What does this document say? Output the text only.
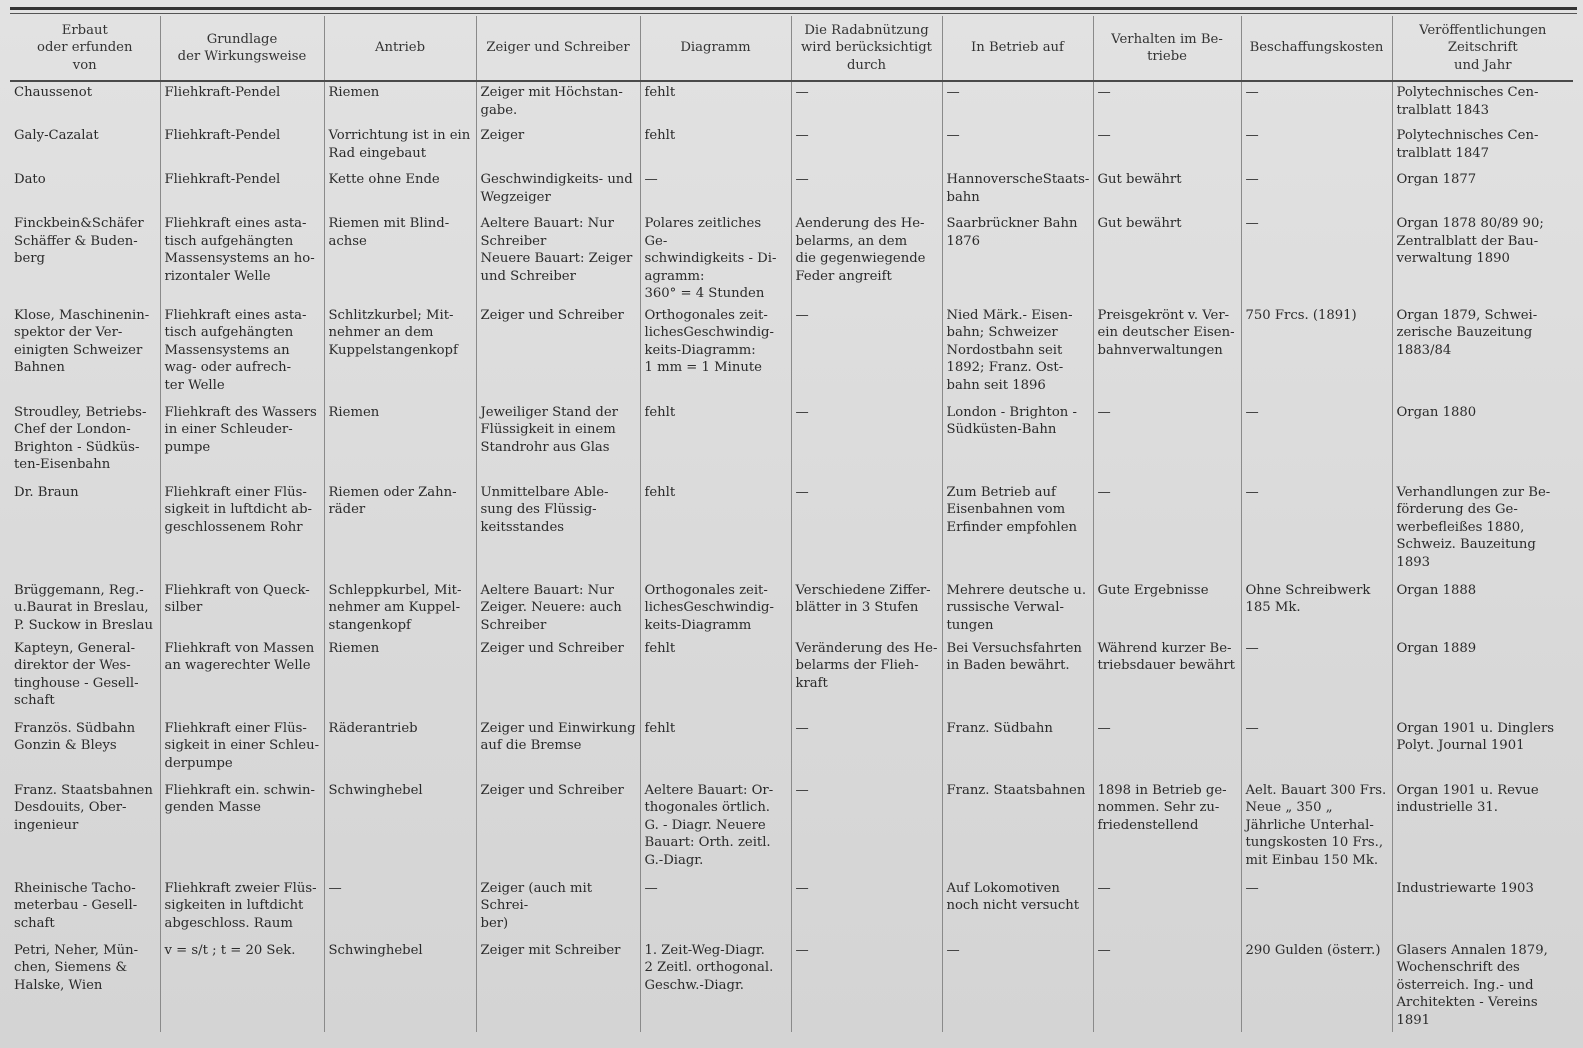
Erbaut
oder erfunden
von	Grundlage
der Wirkungsweise	Antrieb	Zeiger und Schreiber	Diagramm	Die Radabnützung
wird berücksichtigt
durch	In Betrieb auf	Verhalten im Be-
triebe	Beschaffungskosten	Veröffentlichungen
Zeitschrift
und Jahr
Chaussenot	Fliehkraft-Pendel	Riemen	Zeiger mit Höchstan-
gabe.	fehlt	—	—	—	—	Polytechnisches Cen-
tralblatt 1843
Galy-Cazalat	Fliehkraft-Pendel	Vorrichtung ist in ein
Rad eingebaut	Zeiger	fehlt	—	—	—	—	Polytechnisches Cen-
tralblatt 1847
Dato	Fliehkraft-Pendel	Kette ohne Ende	Geschwindigkeits- und
Wegzeiger	—	—	HannoverscheStaats-
bahn	Gut bewährt	—	Organ 1877
Finckbein&Schäfer
Schäffer & Buden-
berg	Fliehkraft eines asta-
tisch aufgehängten
Massensystems an ho-
rizontaler Welle	Riemen mit Blind-
achse	Aeltere Bauart: Nur
Schreiber
Neuere Bauart: Zeiger
und Schreiber	Polares zeitliches Ge-
schwindigkeits - Di-
agramm:
360° = 4 Stunden	Aenderung des He-
belarms, an dem
die gegenwiegende
Feder angreift	Saarbrückner Bahn
1876	Gut bewährt	—	Organ 1878 80/89 90;
Zentralblatt der Bau-
verwaltung 1890
Klose, Maschinenin-
spektor der Ver-
einigten Schweizer
Bahnen	Fliehkraft eines asta-
tisch aufgehängten
Massensystems an
wag- oder aufrech-
ter Welle	Schlitzkurbel; Mit-
nehmer an dem
Kuppelstangenkopf	Zeiger und Schreiber	Orthogonales zeit-
lichesGeschwindig-
keits-Diagramm:
1 mm = 1 Minute	—	Nied Märk.- Eisen-
bahn; Schweizer
Nordostbahn seit
1892; Franz. Ost-
bahn seit 1896	Preisgekrönt v. Ver-
ein deutscher Eisen-
bahnverwaltungen	750 Frcs. (1891)	Organ 1879, Schwei-
zerische Bauzeitung
1883/84
Stroudley, Betriebs-
Chef der London-
Brighton - Südküs-
ten-Eisenbahn	Fliehkraft des Wassers
in einer Schleuder-
pumpe	Riemen	Jeweiliger Stand der
Flüssigkeit in einem
Standrohr aus Glas	fehlt	—	London - Brighton -
Südküsten-Bahn	—	—	Organ 1880
Dr. Braun	Fliehkraft einer Flüs-
sigkeit in luftdicht ab-
geschlossenem Rohr	Riemen oder Zahn-
räder	Unmittelbare Able-
sung des Flüssig-
keitsstandes	fehlt	—	Zum Betrieb auf
Eisenbahnen vom
Erfinder empfohlen	—	—	Verhandlungen zur Be-
förderung des Ge-
werbefleißes 1880,
Schweiz. Bauzeitung
1893
Brüggemann, Reg.-
u.Baurat in Breslau,
P. Suckow in Breslau	Fliehkraft von Queck-
silber	Schleppkurbel, Mit-
nehmer am Kuppel-
stangenkopf	Aeltere Bauart: Nur
Zeiger. Neuere: auch
Schreiber	Orthogonales zeit-
lichesGeschwindig-
keits-Diagramm	Verschiedene Ziffer-
blätter in 3 Stufen	Mehrere deutsche u.
russische Verwal-
tungen	Gute Ergebnisse	Ohne Schreibwerk
185 Mk.	Organ 1888
Kapteyn, General-
direktor der Wes-
tinghouse - Gesell-
schaft	Fliehkraft von Massen
an wagerechter Welle	Riemen	Zeiger und Schreiber	fehlt	Veränderung des He-
belarms der Flieh-
kraft	Bei Versuchsfahrten
in Baden bewährt.	Während kurzer Be-
triebsdauer bewährt	—	Organ 1889
Französ. Südbahn
Gonzin & Bleys	Fliehkraft einer Flüs-
sigkeit in einer Schleu-
derpumpe	Räderantrieb	Zeiger und Einwirkung
auf die Bremse	fehlt	—	Franz. Südbahn	—	—	Organ 1901 u. Dinglers
Polyt. Journal 1901
Franz. Staatsbahnen
Desdouits, Ober-
ingenieur	Fliehkraft ein. schwin-
genden Masse	Schwinghebel	Zeiger und Schreiber	Aeltere Bauart: Or-
thogonales örtlich.
G. - Diagr. Neuere
Bauart: Orth. zeitl.
G.-Diagr.	—	Franz. Staatsbahnen	1898 in Betrieb ge-
nommen. Sehr zu-
friedenstellend	Aelt. Bauart 300 Frs.
Neue „ 350 „
Jährliche Unterhal-
tungskosten 10 Frs.,
mit Einbau 150 Mk.	Organ 1901 u. Revue
industrielle 31.
Rheinische Tacho-
meterbau - Gesell-
schaft	Fliehkraft zweier Flüs-
sigkeiten in luftdicht
abgeschloss. Raum	—	Zeiger (auch mit Schrei-
ber)	—	—	Auf Lokomotiven
noch nicht versucht	—	—	Industriewarte 1903
Petri, Neher, Mün-
chen, Siemens &
Halske, Wien	v = s/t ; t = 20 Sek.	Schwinghebel	Zeiger mit Schreiber	1. Zeit-Weg-Diagr.
2 Zeitl. orthogonal.
Geschw.-Diagr.	—	—	—	290 Gulden (österr.)	Glasers Annalen 1879,
Wochenschrift des
österreich. Ing.- und
Architekten - Vereins
1891
